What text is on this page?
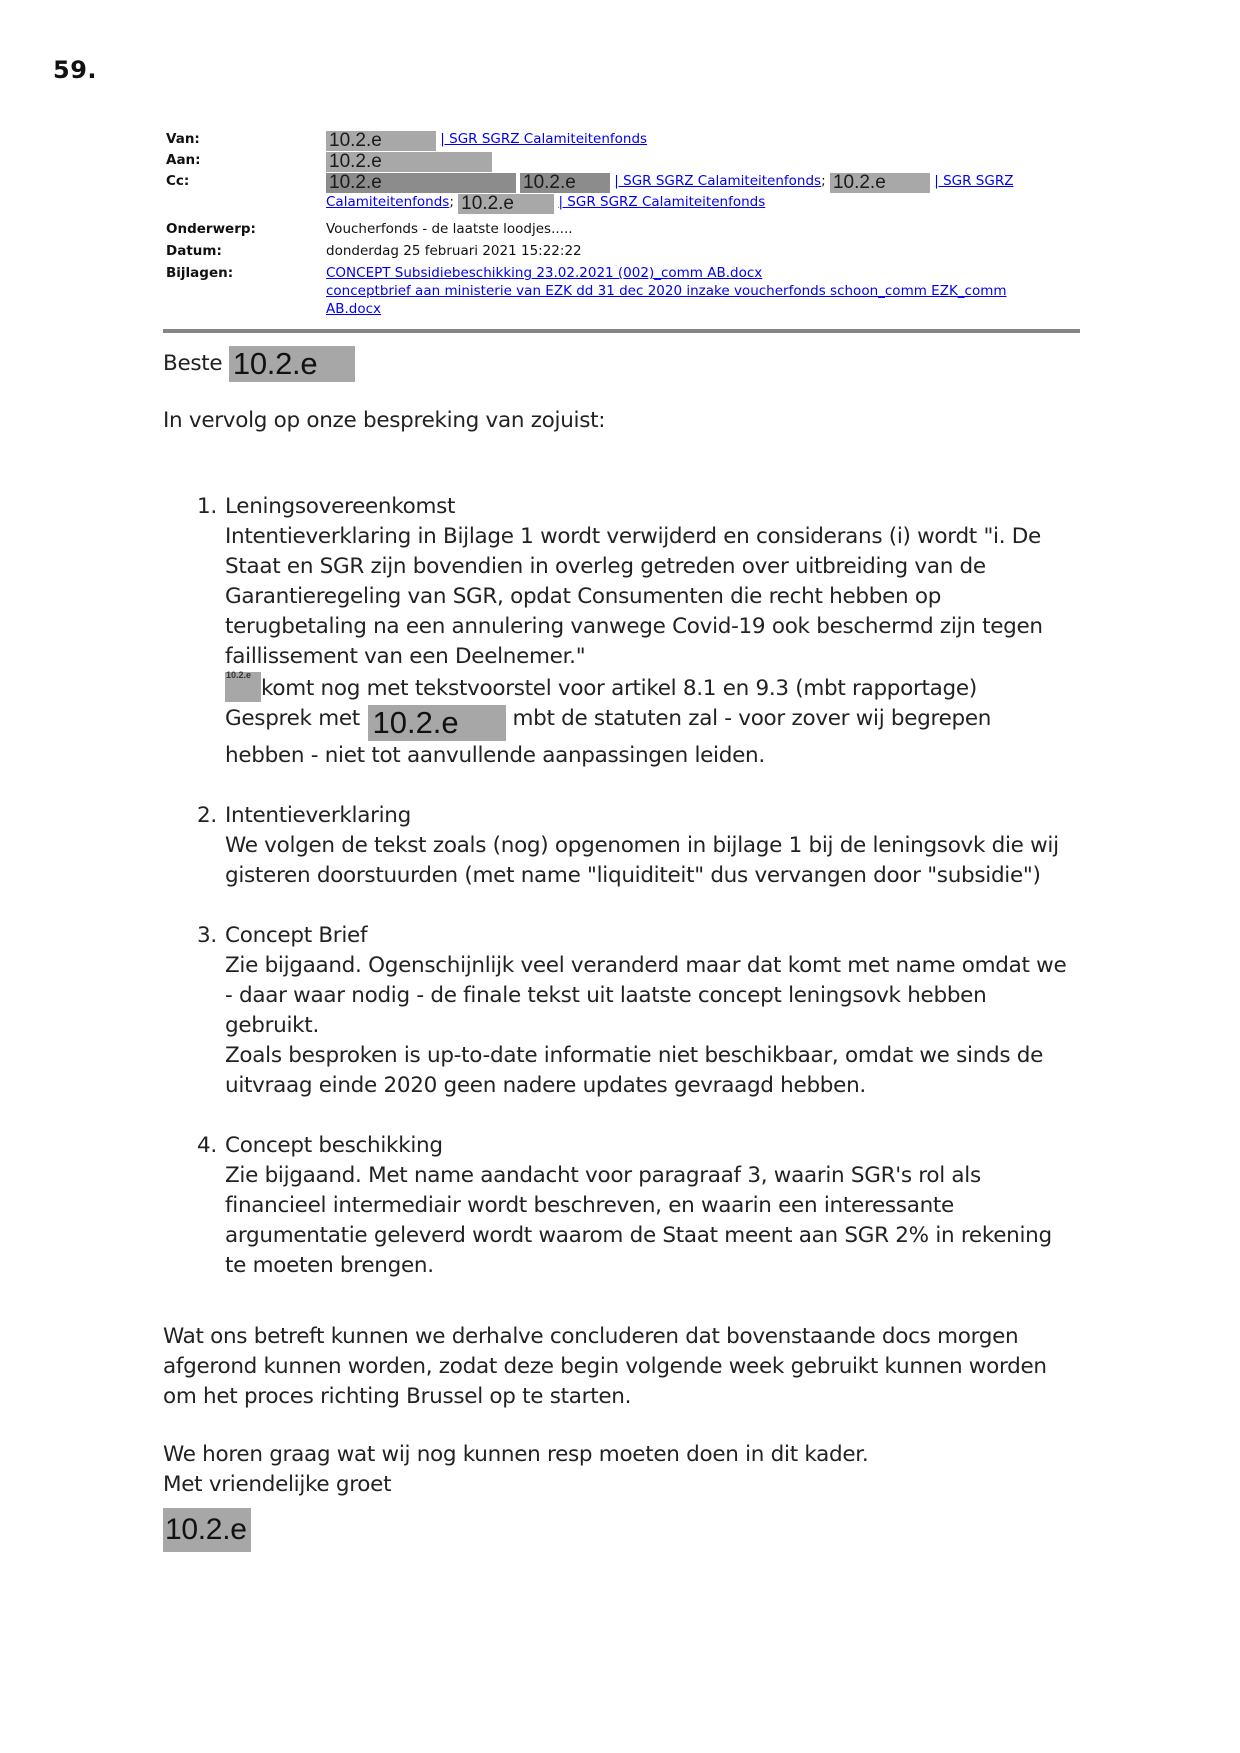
59.
Van:	10.2.e	| SGR SGRZ Calamiteitenfonds
Aan:	10.2.e
Cc:	10.2.e	10.2.e	| SGR SGRZ Calamiteitenfonds; 10.2.e	| SGR SGRZ
Calamiteitenfonds; 10.2.e	| SGR SGRZ Calamiteitenfonds
Onderwerp:	Voucherfonds - de laatste loodjes.....
Datum:	donderdag 25 februari 2021 15:22:22
Bijlagen:	CONCEPT Subsidiebeschikking 23.02.2021 (002)_comm AB.docx
conceptbrief aan ministerie van EZK dd 31 dec 2020 inzake voucherfonds schoon_comm EZK_comm
AB.docx
Beste 10.2.e
In vervolg op onze bespreking van zojuist:
1. Leningsovereenkomst
Intentieverklaring in Bijlage 1 wordt verwijderd en considerans (i) wordt "i. De
Staat en SGR zijn bovendien in overleg getreden over uitbreiding van de
Garantieregeling van SGR, opdat Consumenten die recht hebben op
terugbetaling na een annulering vanwege Covid-19 ook beschermd zijn tegen
faillissement van een Deelnemer."
10.2.e
komt nog met tekstvoorstel voor artikel 8.1 en 9.3 (mbt rapportage)
Gesprek met 10.2.e	mbt de statuten zal - voor zover wij begrepen
hebben - niet tot aanvullende aanpassingen leiden.
2. Intentieverklaring
We volgen de tekst zoals (nog) opgenomen in bijlage 1 bij de leningsovk die wij
gisteren doorstuurden (met name "liquiditeit" dus vervangen door "subsidie")
3. Concept Brief
Zie bijgaand. Ogenschijnlijk veel veranderd maar dat komt met name omdat we
- daar waar nodig - de finale tekst uit laatste concept leningsovk hebben
gebruikt.
Zoals besproken is up-to-date informatie niet beschikbaar, omdat we sinds de
uitvraag einde 2020 geen nadere updates gevraagd hebben.
4. Concept beschikking
Zie bijgaand. Met name aandacht voor paragraaf 3, waarin SGR's rol als
financieel intermediair wordt beschreven, en waarin een interessante
argumentatie geleverd wordt waarom de Staat meent aan SGR 2% in rekening
te moeten brengen.

Wat ons betreft kunnen we derhalve concluderen dat bovenstaande docs morgen

afgerond kunnen worden, zodat deze begin volgende week gebruikt kunnen worden

om het proces richting Brussel op te starten.

We horen graag wat wij nog kunnen resp moeten doen in dit kader.

Met vriendelijke groet

10.2.e
